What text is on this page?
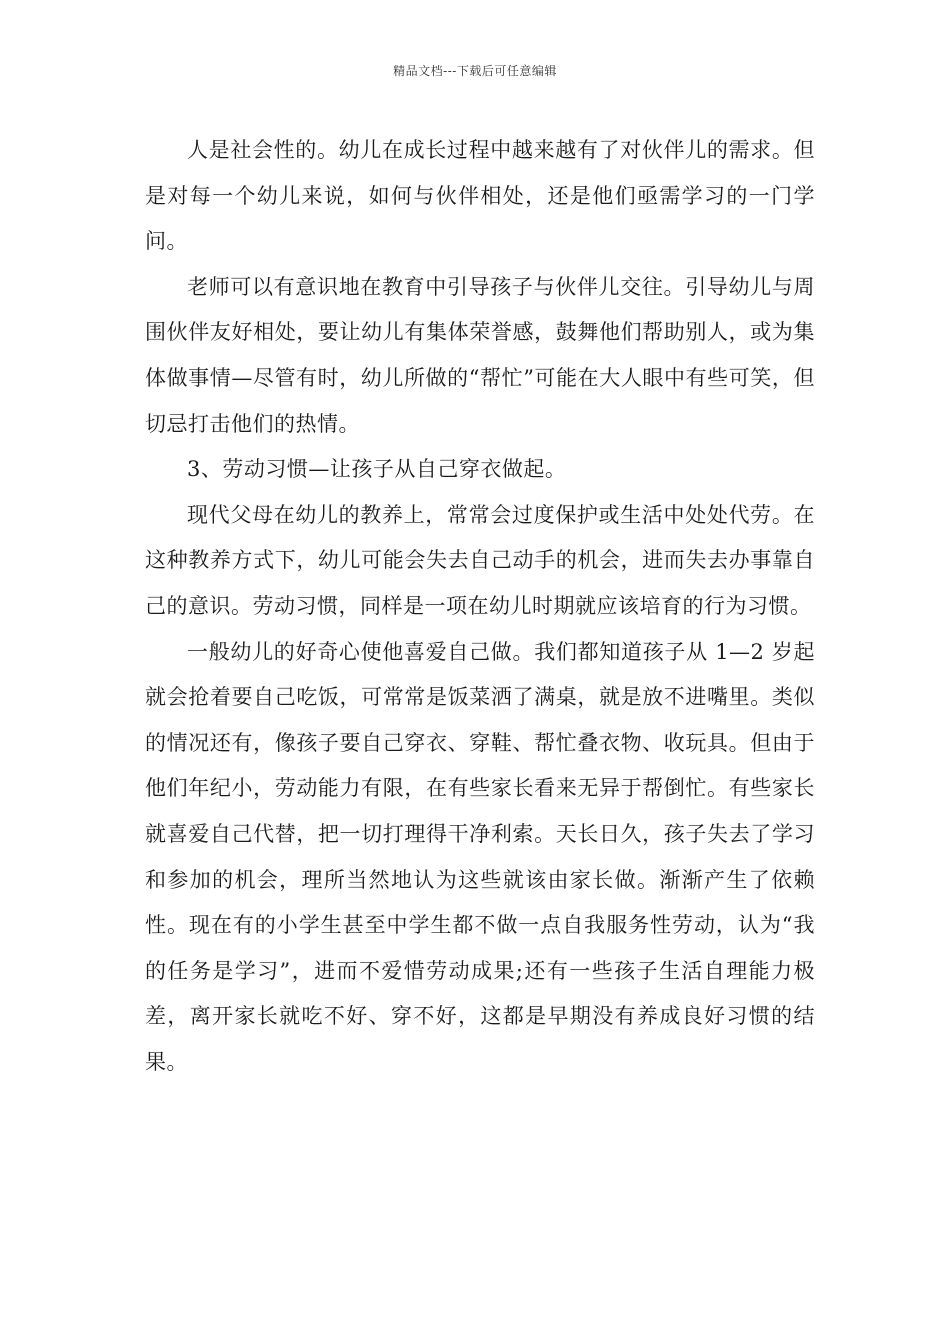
精品文档---下载后可任意编辑

人是社会性的。幼儿在成长过程中越来越有了对伙伴儿的需求。但是对每一个幼儿来说，如何与伙伴相处，还是他们亟需学习的一门学问。

老师可以有意识地在教育中引导孩子与伙伴儿交往。引导幼儿与周围伙伴友好相处，要让幼儿有集体荣誉感，鼓舞他们帮助别人，或为集体做事情—尽管有时，幼儿所做的“帮忙”可能在大人眼中有些可笑，但切忌打击他们的热情。

3、劳动习惯—让孩子从自己穿衣做起。

现代父母在幼儿的教养上，常常会过度保护或生活中处处代劳。在这种教养方式下，幼儿可能会失去自己动手的机会，进而失去办事靠自己的意识。劳动习惯，同样是一项在幼儿时期就应该培育的行为习惯。

一般幼儿的好奇心使他喜爱自己做。我们都知道孩子从 1—2 岁起就会抢着要自己吃饭，可常常是饭菜洒了满桌，就是放不进嘴里。类似的情况还有，像孩子要自己穿衣、穿鞋、帮忙叠衣物、收玩具。但由于他们年纪小，劳动能力有限，在有些家长看来无异于帮倒忙。有些家长就喜爱自己代替，把一切打理得干净利索。天长日久，孩子失去了学习和参加的机会，理所当然地认为这些就该由家长做。渐渐产生了依赖性。现在有的小学生甚至中学生都不做一点自我服务性劳动，认为“我的任务是学习”，进而不爱惜劳动成果;还有一些孩子生活自理能力极差，离开家长就吃不好、穿不好，这都是早期没有养成良好习惯的结果。
